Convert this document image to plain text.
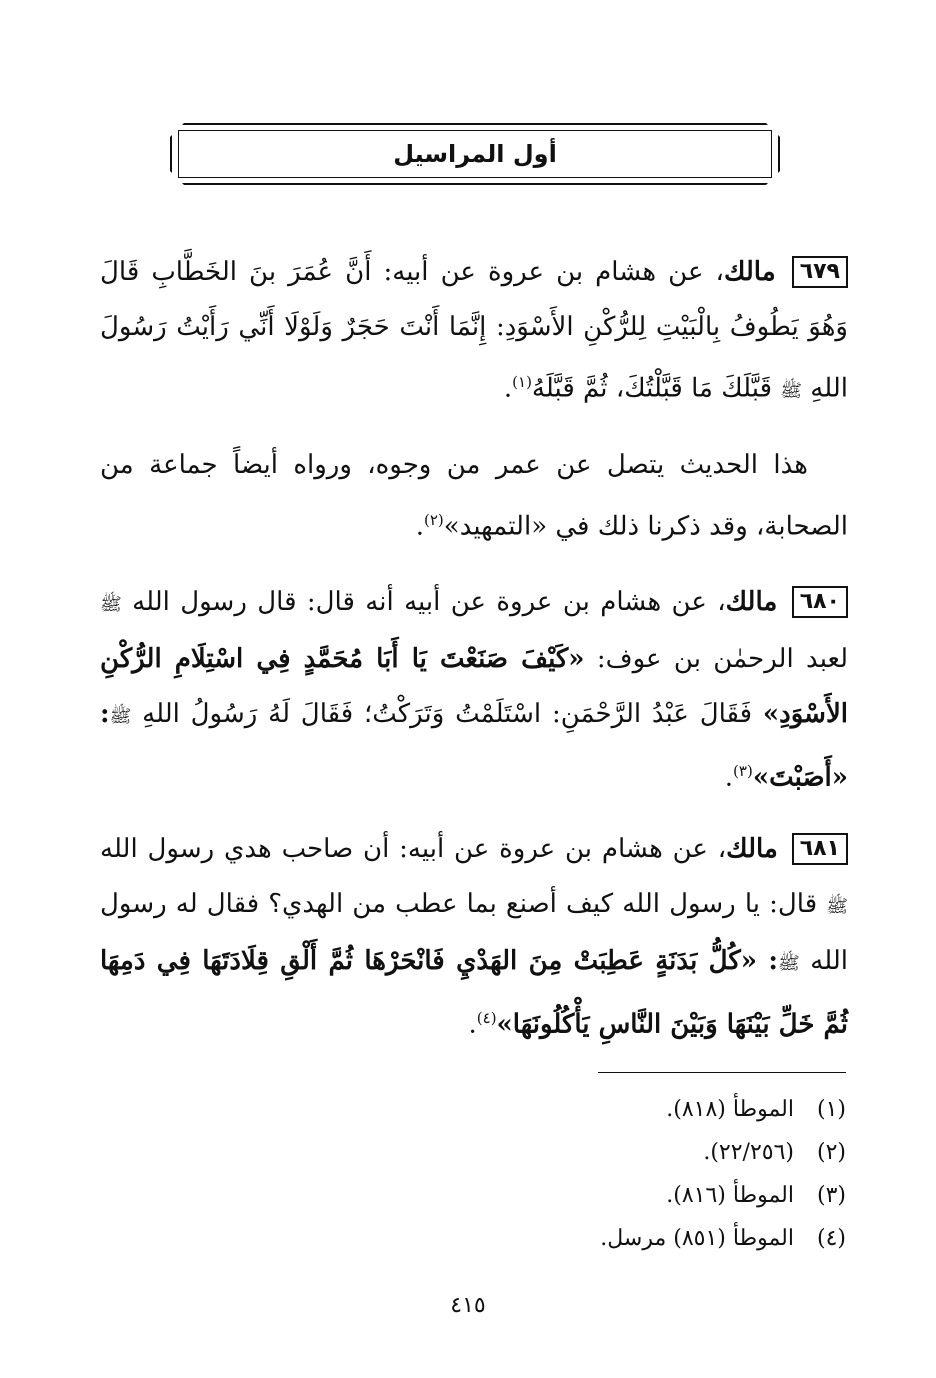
أول المراسيل
٦٧٩ مالك، عن هشام بن عروة عن أبيه: أَنَّ عُمَرَ بنَ الخَطَّابِ قَالَ وَهُوَ يَطُوفُ بِالْبَيْتِ لِلرُّكْنِ الأَسْوَدِ: إِنَّمَا أَنْتَ حَجَرٌ وَلَوْلَا أَنِّي رَأَيْتُ رَسُولَ اللهِ ﷺ قَبَّلَكَ مَا قَبَّلْتُكَ، ثُمَّ قَبَّلَهُ$^{(١)}$.
هذا الحديث يتصل عن عمر من وجوه، ورواه أيضاً جماعة من الصحابة، وقد ذكرنا ذلك في «التمهيد»$^{(٢)}$.
٦٨٠ مالك، عن هشام بن عروة عن أبيه أنه قال: قال رسول الله ﷺ لعبد الرحمٰن بن عوف: «كَيْفَ صَنَعْتَ يَا أَبَا مُحَمَّدٍ فِي اسْتِلَامِ الرُّكْنِ الأَسْوَدِ» فَقَالَ عَبْدُ الرَّحْمَنِ: اسْتَلَمْتُ وَتَرَكْتُ؛ فَقَالَ لَهُ رَسُولُ اللهِ ﷺ: «أَصَبْتَ»$^{(٣)}$.
٦٨١ مالك، عن هشام بن عروة عن أبيه: أن صاحب هدي رسول الله ﷺ قال: يا رسول الله كيف أصنع بما عطب من الهدي؟ فقال له رسول الله ﷺ: «كُلُّ بَدَنَةٍ عَطِبَتْ مِنَ الهَدْيِ فَانْحَرْهَا ثُمَّ أَلْقِ قِلَادَتَهَا فِي دَمِهَا ثُمَّ خَلِّ بَيْنَهَا وَبَيْنَ النَّاسِ يَأْكُلُونَهَا»$^{(٤)}$.
(١)
الموطأ (٨١٨).
(٢)
(٢٢/٢٥٦).
(٣)
الموطأ (٨١٦).
(٤)
الموطأ (٨٥١) مرسل.
٤١٥
